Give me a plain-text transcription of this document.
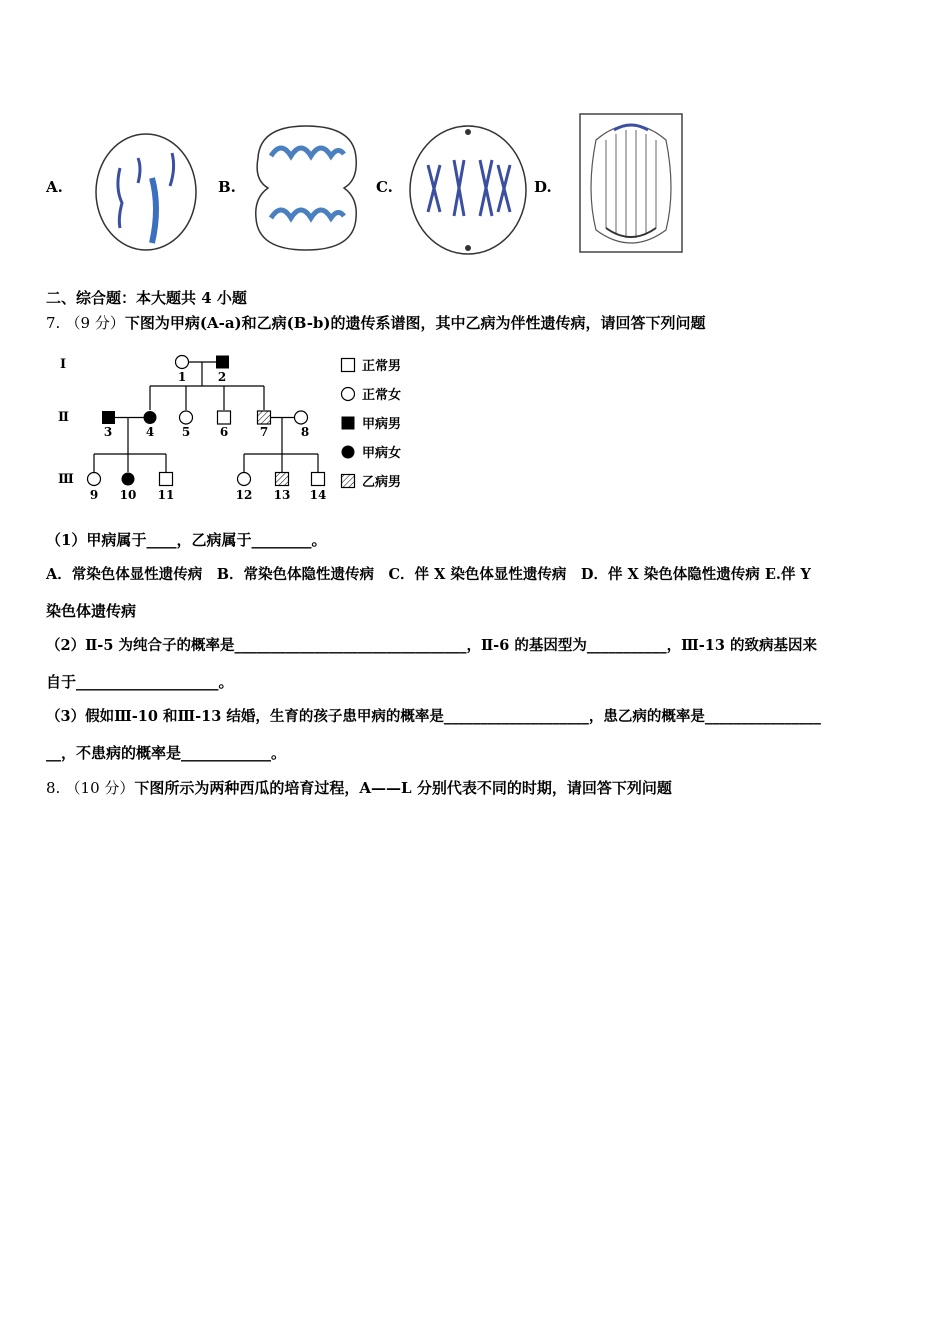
A.	B.	C.	D.
二、综合题：本大题共 4 小题
7. （9 分）下图为甲病(A-a)和乙病(B-b)的遗传系谱图，其中乙病为伴性遗传病，请回答下列问题
Ⅰ
Ⅱ
Ⅲ
1	2
3	4	5	6	7	8
9	10 11	12 13 14
正常男
正常女
甲病男
甲病女
乙病男
（1）甲病属于____，乙病属于________。
A．常染色体显性遗传病　B．常染色体隐性遗传病　C．伴 X 染色体显性遗传病　D．伴 X 染色体隐性遗传病 E.伴 Y
染色体遗传病
（2）Ⅱ-5 为纯合子的概率是________________________________，Ⅱ-6 的基因型为___________，Ⅲ-13 的致病基因来
自于___________________。
（3）假如Ⅲ-10 和Ⅲ-13 结婚，生育的孩子患甲病的概率是____________________，患乙病的概率是________________
__，不患病的概率是____________。
8. （10 分）下图所示为两种西瓜的培育过程，A——L 分别代表不同的时期，请回答下列问题
